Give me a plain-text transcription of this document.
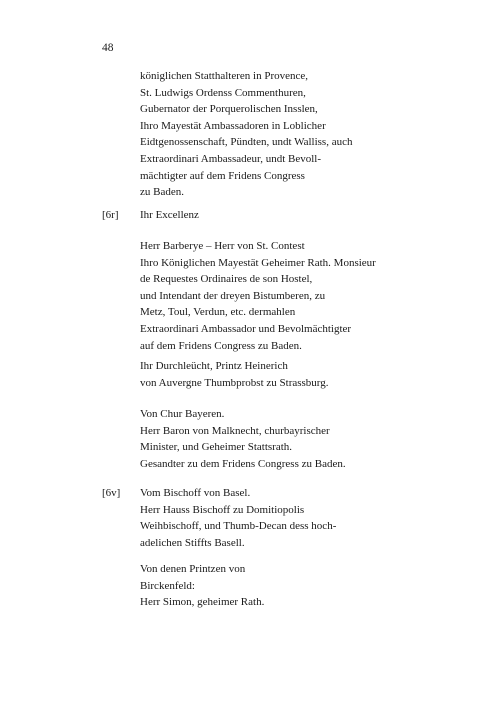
48
königlichen Statthalteren in Provence,
St. Ludwigs Ordenss Commenthuren,
Gubernator der Porquerolischen Insslen,
Ihro Mayestät Ambassadoren in Loblicher
Eidtgenossenschaft, Pündten, undt Walliss, auch
Extraordinari Ambassadeur, undt Bevoll-
mächtigter auf dem Fridens Congress
zu Baden.
[6r] Ihr Excellenz
Herr Barberye – Herr von St. Contest
Ihro Königlichen Mayestät Geheimer Rath. Monsieur
de Requestes Ordinaires de son Hostel,
und Intendant der dreyen Bistumberen, zu
Metz, Toul, Verdun, etc. dermahlen
Extraordinari Ambassador und Bevolmächtigter
auf dem Fridens Congress zu Baden.
Ihr Durchleücht, Printz Heinerich
von Auvergne Thumbprobst zu Strassburg.
Von Chur Bayeren.
Herr Baron von Malknecht, churbayrischer
Minister, und Geheimer Stattsrath.
Gesandter zu dem Fridens Congress zu Baden.
[6v] Vom Bischoff von Basel.
Herr Hauss Bischoff zu Domitiopolis
Weihbischoff, und Thumb-Decan dess hoch-
adelichen Stiffts Basell.
Von denen Printzen von
Birckenfeld:
Herr Simon, geheimer Rath.
